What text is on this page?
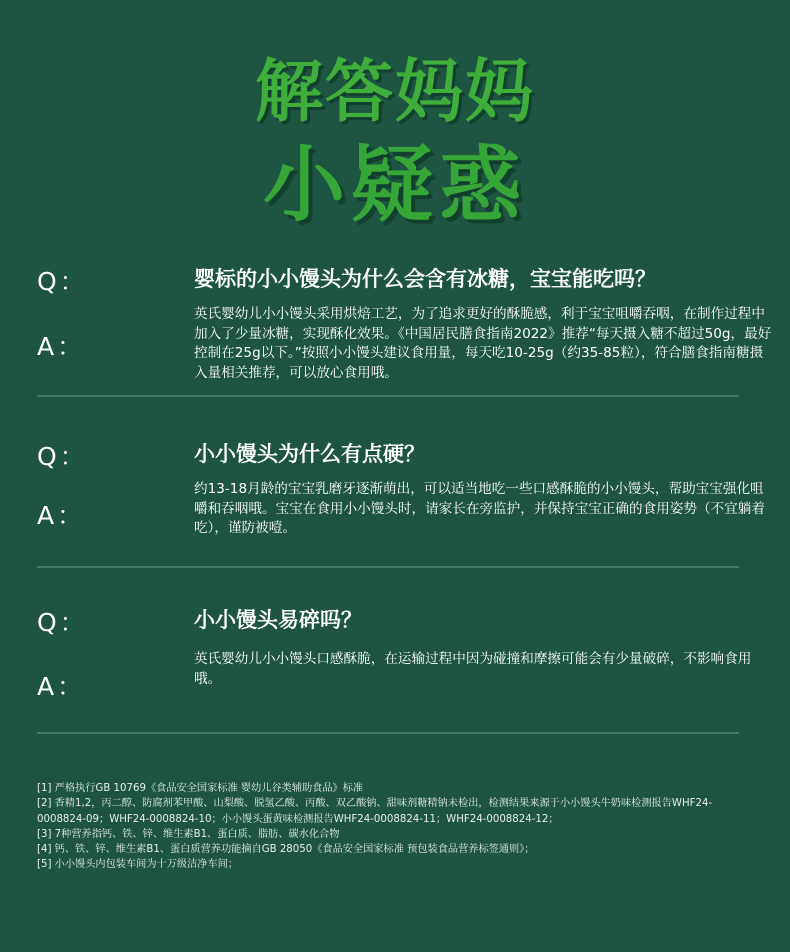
解答妈妈
小疑惑
Q：	婴标的小小馒头为什么会含有冰糖，宝宝能吃吗？
A：
英氏婴幼儿小小馒头采用烘焙工艺，为了追求更好的酥脆感，利于宝宝咀嚼吞咽，在制作过程中加入了少量冰糖，实现酥化效果。《中国居民膳食指南2022》推荐“每天摄入糖不超过50g，最好控制在25g以下。”按照小小馒头建议食用量，每天吃10-25g（约35-85粒），符合膳食指南糖摄入量相关推荐，可以放心食用哦。
Q：	小小馒头为什么有点硬？
A：
约13-18月龄的宝宝乳磨牙逐渐萌出，可以适当地吃一些口感酥脆的小小馒头，帮助宝宝强化咀嚼和吞咽哦。宝宝在食用小小馒头时，请家长在旁监护，并保持宝宝正确的食用姿势（不宜躺着吃），谨防被噎。
Q：	小小馒头易碎吗？
A：
英氏婴幼儿小小馒头口感酥脆，在运输过程中因为碰撞和摩擦可能会有少量破碎，不影响食用哦。
[1] 严格执行GB 10769《食品安全国家标准 婴幼儿谷类辅助食品》标准
[2] 香精1,2，丙二醇、防腐剂苯甲酸、山梨酸、脱氢乙酸、丙酸、双乙酸钠、甜味剂糖精钠未检出，检测结果来源于小小馒头牛奶味检测报告WHF24-0008824-09；WHF24-0008824-10；小小馒头蛋黄味检测报告WHF24-0008824-11；WHF24-0008824-12；
[3] 7种营养指钙、铁、锌、维生素B1、蛋白质、脂肪、碳水化合物
[4] 钙、铁、锌、维生素B1、蛋白质营养功能摘自GB 28050《食品安全国家标准 预包装食品营养标签通则》；
[5] 小小馒头内包装车间为十万级洁净车间；
